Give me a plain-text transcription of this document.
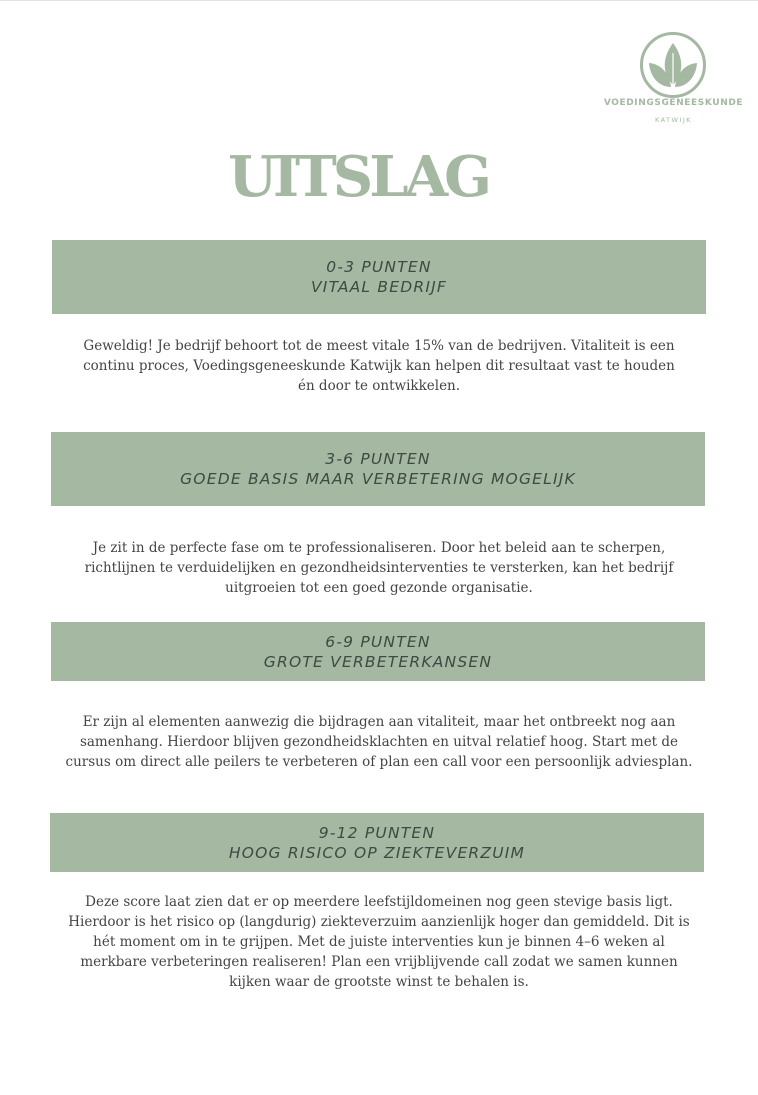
VOEDINGSGENEESKUNDE
KATWIJK
UITSLAG
0-3 PUNTEN
VITAAL BEDRIJF
Geweldig! Je bedrijf behoort tot de meest vitale 15% van de bedrijven. Vitaliteit is een
continu proces, Voedingsgeneeskunde Katwijk kan helpen dit resultaat vast te houden
én door te ontwikkelen.
3-6 PUNTEN
GOEDE BASIS MAAR VERBETERING MOGELIJK
Je zit in de perfecte fase om te professionaliseren. Door het beleid aan te scherpen,
richtlijnen te verduidelijken en gezondheidsinterventies te versterken, kan het bedrijf
uitgroeien tot een goed gezonde organisatie.
6-9 PUNTEN
GROTE VERBETERKANSEN
Er zijn al elementen aanwezig die bijdragen aan vitaliteit, maar het ontbreekt nog aan
samenhang. Hierdoor blijven gezondheidsklachten en uitval relatief hoog. Start met de
cursus om direct alle peilers te verbeteren of plan een call voor een persoonlijk adviesplan.
9-12 PUNTEN
HOOG RISICO OP ZIEKTEVERZUIM
Deze score laat zien dat er op meerdere leefstijldomeinen nog geen stevige basis ligt.
Hierdoor is het risico op (langdurig) ziekteverzuim aanzienlijk hoger dan gemiddeld. Dit is
hét moment om in te grijpen. Met de juiste interventies kun je binnen 4–6 weken al
merkbare verbeteringen realiseren! Plan een vrijblijvende call zodat we samen kunnen
kijken waar de grootste winst te behalen is.
